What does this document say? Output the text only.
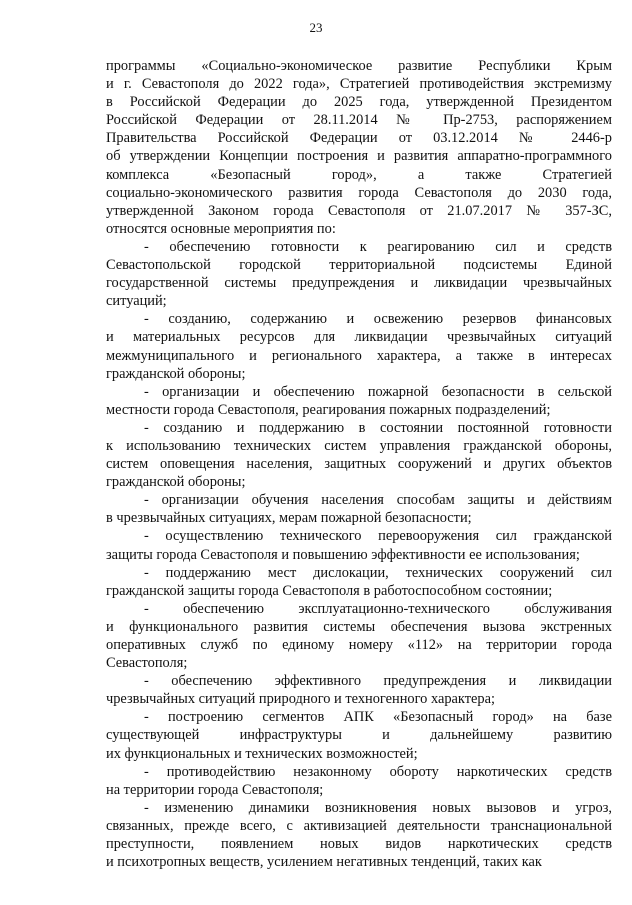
23

программы «Социально-экономическое развитие Республики Крым
и г. Севастополя до 2022 года», Стратегией противодействия экстремизму
в Российской Федерации до 2025 года, утвержденной Президентом
Российской Федерации от 28.11.2014 № Пр-2753, распоряжением
Правительства Российской Федерации от 03.12.2014 № 2446-р
об утверждении Концепции построения и развития аппаратно-программного
комплекса «Безопасный город», а также Стратегией
социально-экономического развития города Севастополя до 2030 года,
утвержденной Законом города Севастополя от 21.07.2017 № 357-ЗС,
относятся основные мероприятия по:

- обеспечению готовности к реагированию сил и средств
Севастопольской городской территориальной подсистемы Единой
государственной системы предупреждения и ликвидации чрезвычайных
ситуаций;

- созданию, содержанию и освежению резервов финансовых
и материальных ресурсов для ликвидации чрезвычайных ситуаций
межмуниципального и регионального характера, а также в интересах
гражданской обороны;

- организации и обеспечению пожарной безопасности в сельской
местности города Севастополя, реагирования пожарных подразделений;

- созданию и поддержанию в состоянии постоянной готовности
к использованию технических систем управления гражданской обороны,
систем оповещения населения, защитных сооружений и других объектов
гражданской обороны;

- организации обучения населения способам защиты и действиям
в чрезвычайных ситуациях, мерам пожарной безопасности;

- осуществлению технического перевооружения сил гражданской
защиты города Севастополя и повышению эффективности ее использования;

- поддержанию мест дислокации, технических сооружений сил
гражданской защиты города Севастополя в работоспособном состоянии;

- обеспечению эксплуатационно-технического обслуживания
и функционального развития системы обеспечения вызова экстренных
оперативных служб по единому номеру «112» на территории города
Севастополя;

- обеспечению эффективного предупреждения и ликвидации
чрезвычайных ситуаций природного и техногенного характера;

- построению сегментов АПК «Безопасный город» на базе
существующей инфраструктуры и дальнейшему развитию
их функциональных и технических возможностей;

- противодействию незаконному обороту наркотических средств
на территории города Севастополя;

- изменению динамики возникновения новых вызовов и угроз,
связанных, прежде всего, с активизацией деятельности транснациональной
преступности, появлением новых видов наркотических средств
и психотропных веществ, усилением негативных тенденций, таких как
